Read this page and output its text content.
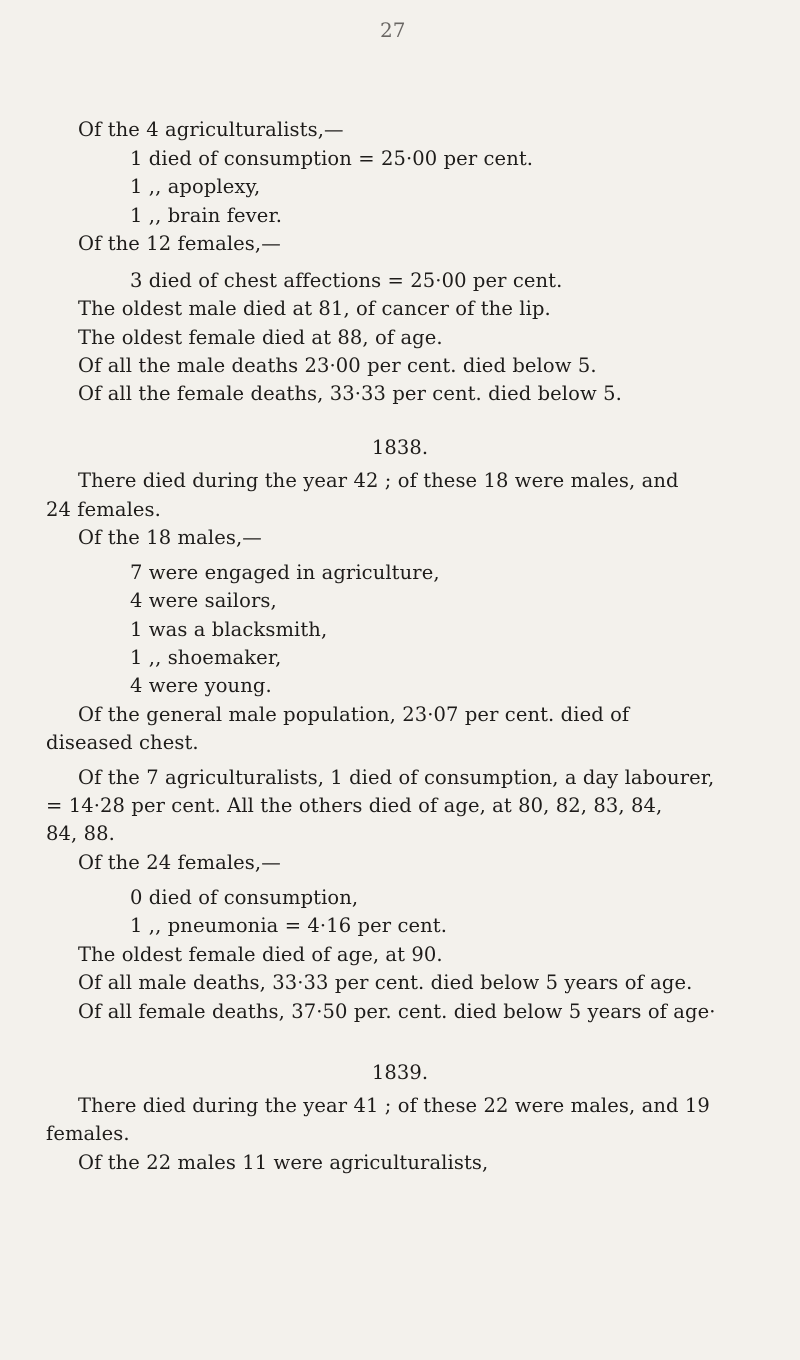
27
Of the 4 agriculturalists,—
1 died of consumption = 25·00 per cent.
1 ,, apoplexy,
1 ,, brain fever.
Of the 12 females,—
3 died of chest affections = 25·00 per cent.
The oldest male died at 81, of cancer of the lip.
The oldest female died at 88, of age.
Of all the male deaths 23·00 per cent. died below 5.
Of all the female deaths, 33·33 per cent. died below 5.
1838.
There died during the year 42 ; of these 18 were males, and
24 females.
Of the 18 males,—
7 were engaged in agriculture,
4 were sailors,
1 was a blacksmith,
1 ,, shoemaker,
4 were young.
Of the general male population, 23·07 per cent. died of
diseased chest.
Of the 7 agriculturalists, 1 died of consumption, a day labourer,
= 14·28 per cent. All the others died of age, at 80, 82, 83, 84,
84, 88.
Of the 24 females,—
0 died of consumption,
1 ,, pneumonia = 4·16 per cent.
The oldest female died of age, at 90.
Of all male deaths, 33·33 per cent. died below 5 years of age.
Of all female deaths, 37·50 per. cent. died below 5 years of age·
1839.
There died during the year 41 ; of these 22 were males, and 19
females.
Of the 22 males 11 were agriculturalists,
